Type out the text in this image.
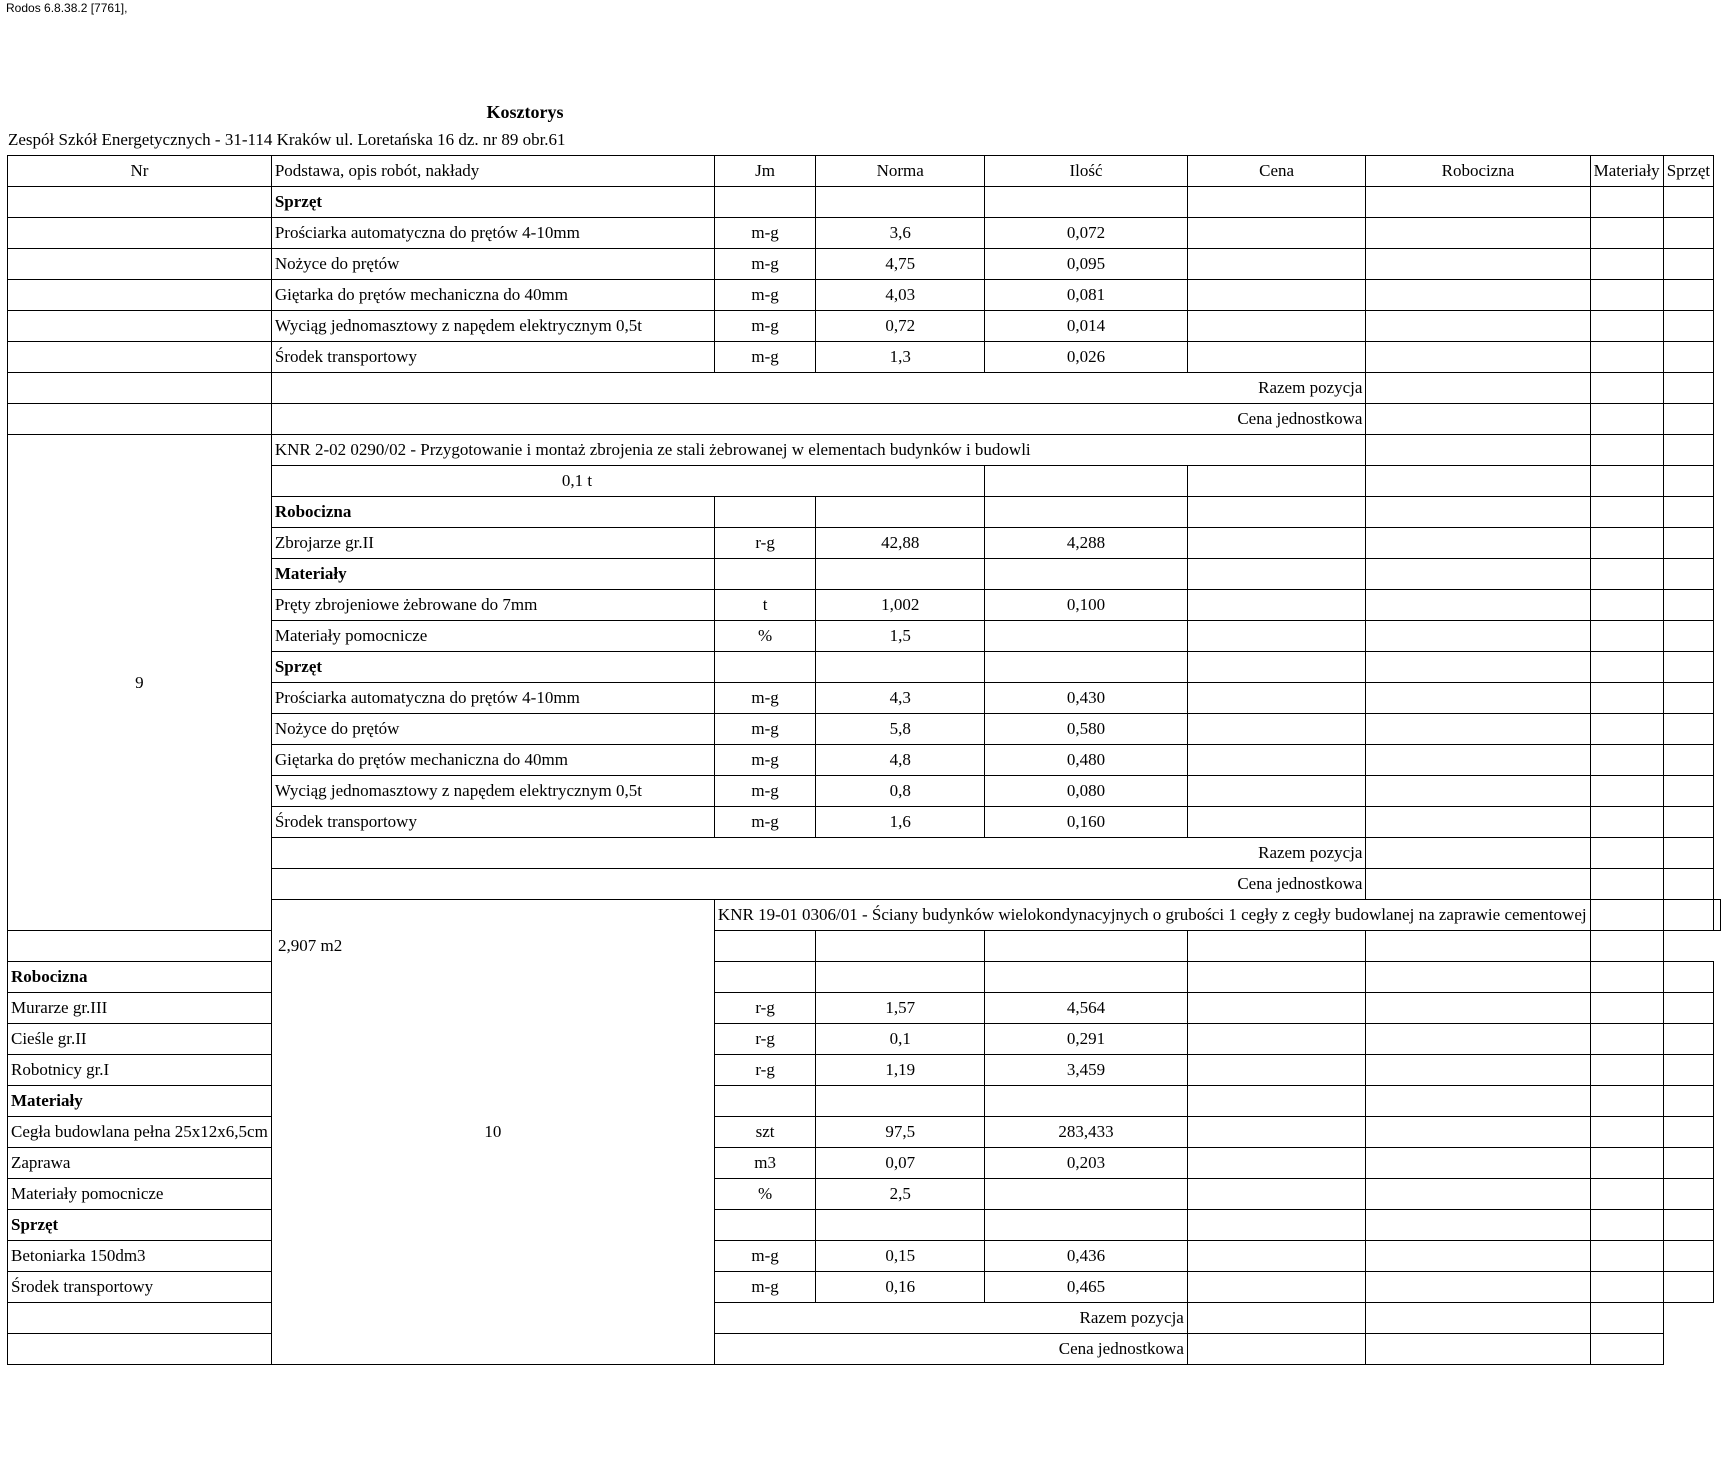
Rodos 6.8.38.2 [7761],
Kosztorys
Zespół Szkół Energetycznych - 31-114 Kraków ul. Loretańska 16 dz. nr 89 obr.61
Nr	Podstawa, opis robót, nakłady	Jm	Norma	Ilość	Cena	Robocizna	Materiały	Sprzęt	
	Sprzęt								
	Prościarka automatyczna do prętów 4-10mm	m-g	3,6	0,072					
	Nożyce do prętów	m-g	4,75	0,095					
	Giętarka do prętów mechaniczna do 40mm	m-g	4,03	0,081					
	Wyciąg jednomasztowy z napędem elektrycznym 0,5t	m-g	0,72	0,014					
	Środek transportowy	m-g	1,3	0,026					
	Razem pozycja								
	Cena jednostkowa								
9	KNR 2-02 0290/02 - Przygotowanie i montaż zbrojenia ze stali żebrowanej w elementach budynków i budowli								
	0,1 t								
	Robocizna								
	Zbrojarze gr.II	r-g	42,88	4,288					
	Materiały								
	Pręty zbrojeniowe żebrowane do 7mm	t	1,002	0,100					
	Materiały pomocnicze	%	1,5						
	Sprzęt								
	Prościarka automatyczna do prętów 4-10mm	m-g	4,3	0,430					
	Nożyce do prętów	m-g	5,8	0,580					
	Giętarka do prętów mechaniczna do 40mm	m-g	4,8	0,480					
	Wyciąg jednomasztowy z napędem elektrycznym 0,5t	m-g	0,8	0,080					
	Środek transportowy	m-g	1,6	0,160					
	Razem pozycja								
	Cena jednostkowa								
	10	KNR 19-01 0306/01 - Ściany budynków wielokondynacyjnych o grubości 1 cegły z cegły budowlanej na zaprawie cementowej							
2,907 m2									
Robocizna									
Murarze gr.III		r-g	1,57	4,564					
Cieśle gr.II		r-g	0,1	0,291					
Robotnicy gr.I		r-g	1,19	3,459					
Materiały									
Cegła budowlana pełna 25x12x6,5cm		szt	97,5	283,433					
Zaprawa		m3	0,07	0,203					
Materiały pomocnicze		%	2,5						
Sprzęt									
Betoniarka 150dm3		m-g	0,15	0,436					
Środek transportowy		m-g	0,16	0,465					
Razem pozycja									
Cena jednostkowa									
